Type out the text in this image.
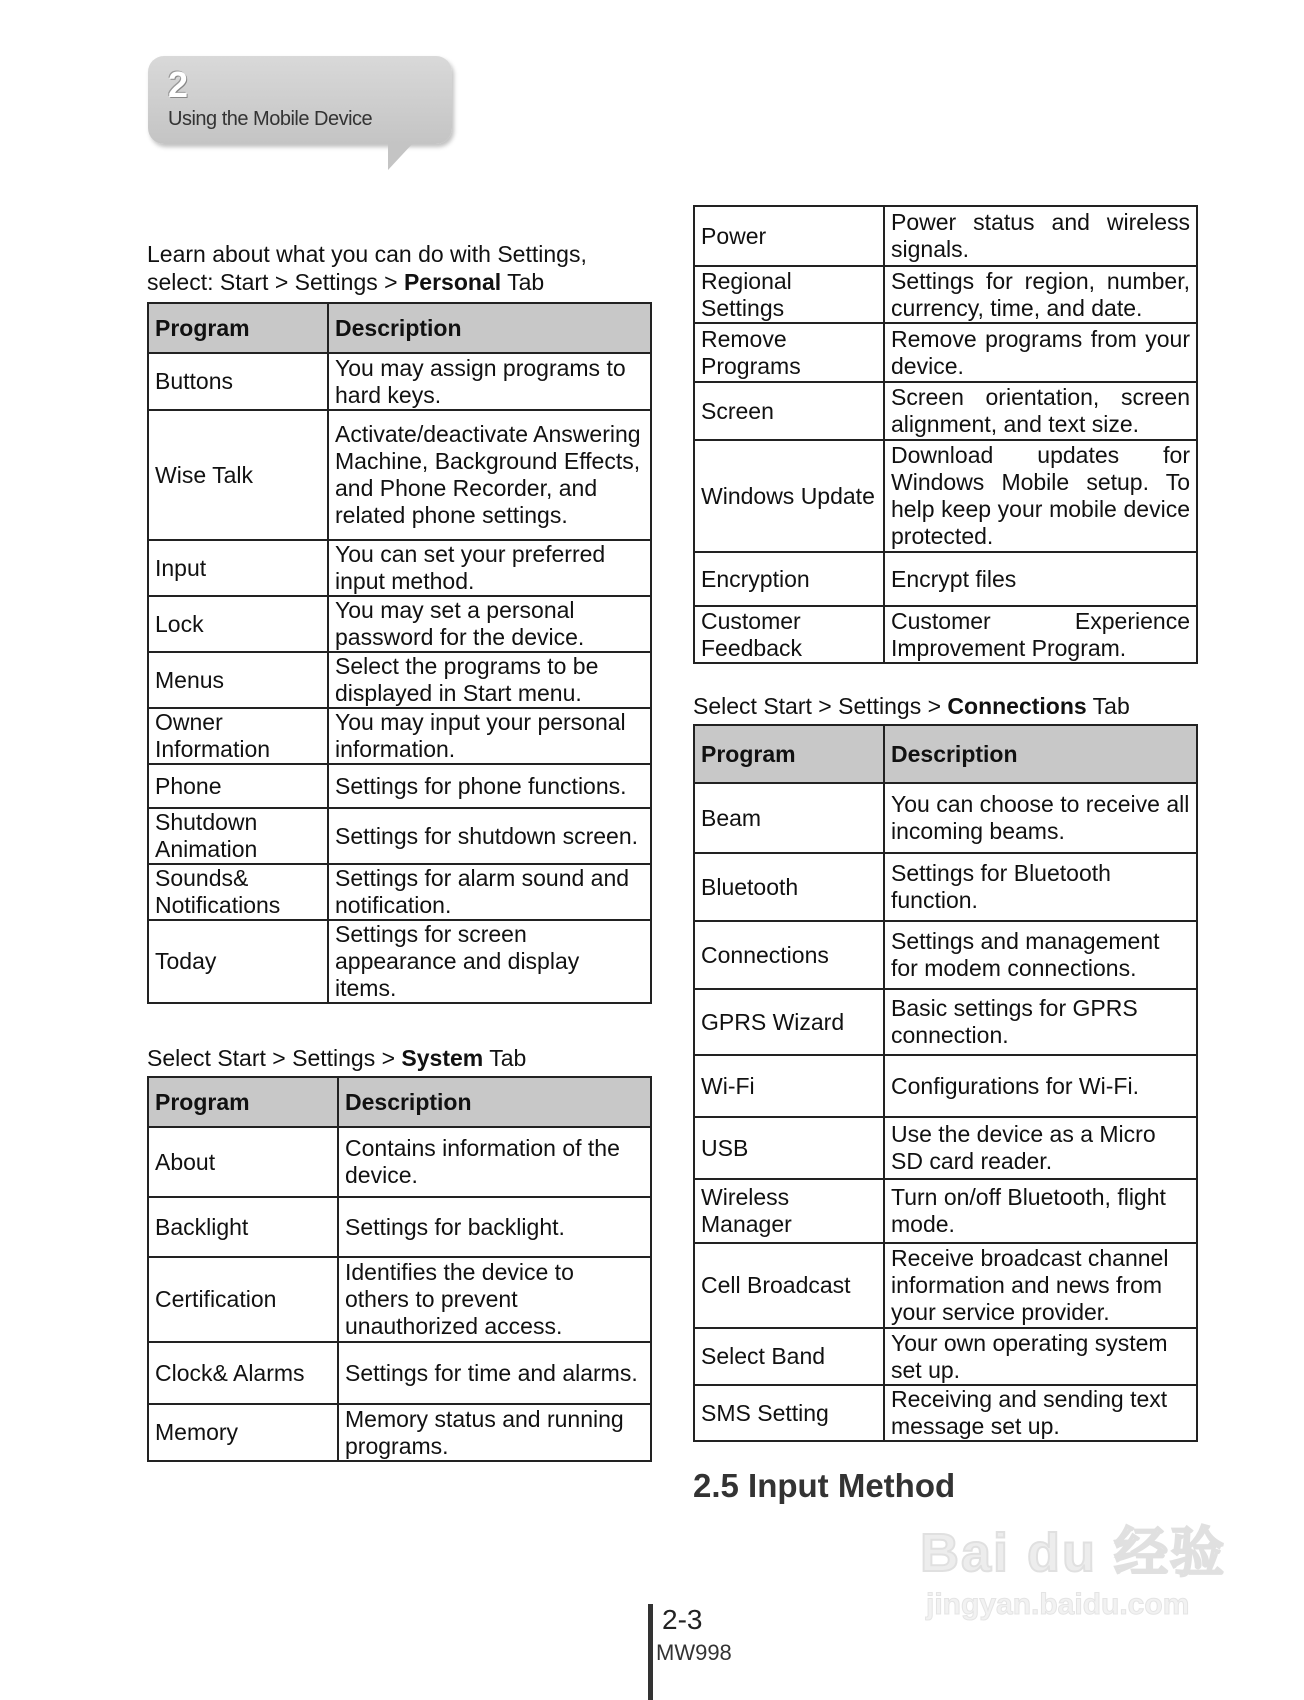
2
Using the Mobile Device

Learn about what you can do with Settings,
select: Start > Settings > Personal Tab

Program	Description
Buttons	You may assign programs to hard keys.
Wise Talk	Activate/deactivate Answering Machine, Background Effects, and Phone Recorder, and related phone settings.
Input	You can set your preferred input method.
Lock	You may set a personal password for the device.
Menus	Select the programs to be displayed in Start menu.
Owner Information	You may input your personal information.
Phone	Settings for phone functions.
Shutdown Animation	Settings for shutdown screen.
Sounds& Notifications	Settings for alarm sound and notification.
Today	Settings for screen appearance and display items.

Select Start > Settings > System Tab

Program	Description
About	Contains information of the device.
Backlight	Settings for backlight.
Certification	Identifies the device to others to prevent unauthorized access.
Clock& Alarms	Settings for time and alarms.
Memory	Memory status and running programs.
Power	Power status and wireless signals.
Regional Settings	Settings for region, number, currency, time, and date.
Remove Programs	Remove programs from your device.
Screen	Screen orientation, screen alignment, and text size.
Windows Update	Download updates for Windows Mobile setup. To help keep your mobile device protected.
Encryption	Encrypt files
Customer Feedback	Customer Experience Improvement Program.

Select Start > Settings > Connections Tab

Program	Description
Beam	You can choose to receive all incoming beams.
Bluetooth	Settings for Bluetooth function.
Connections	Settings and management for modem connections.
GPRS Wizard	Basic settings for GPRS connection.
Wi-Fi	Configurations for Wi-Fi.
USB	Use the device as a Micro SD card reader.
Wireless Manager	Turn on/off Bluetooth, flight mode.
Cell Broadcast	Receive broadcast channel information and news from your service provider.
Select Band	Your own operating system set up.
SMS Setting	Receiving and sending text message set up.
2.5 Input Method
2-3
MW998
Bai du 经验
jingyan.baidu.com
